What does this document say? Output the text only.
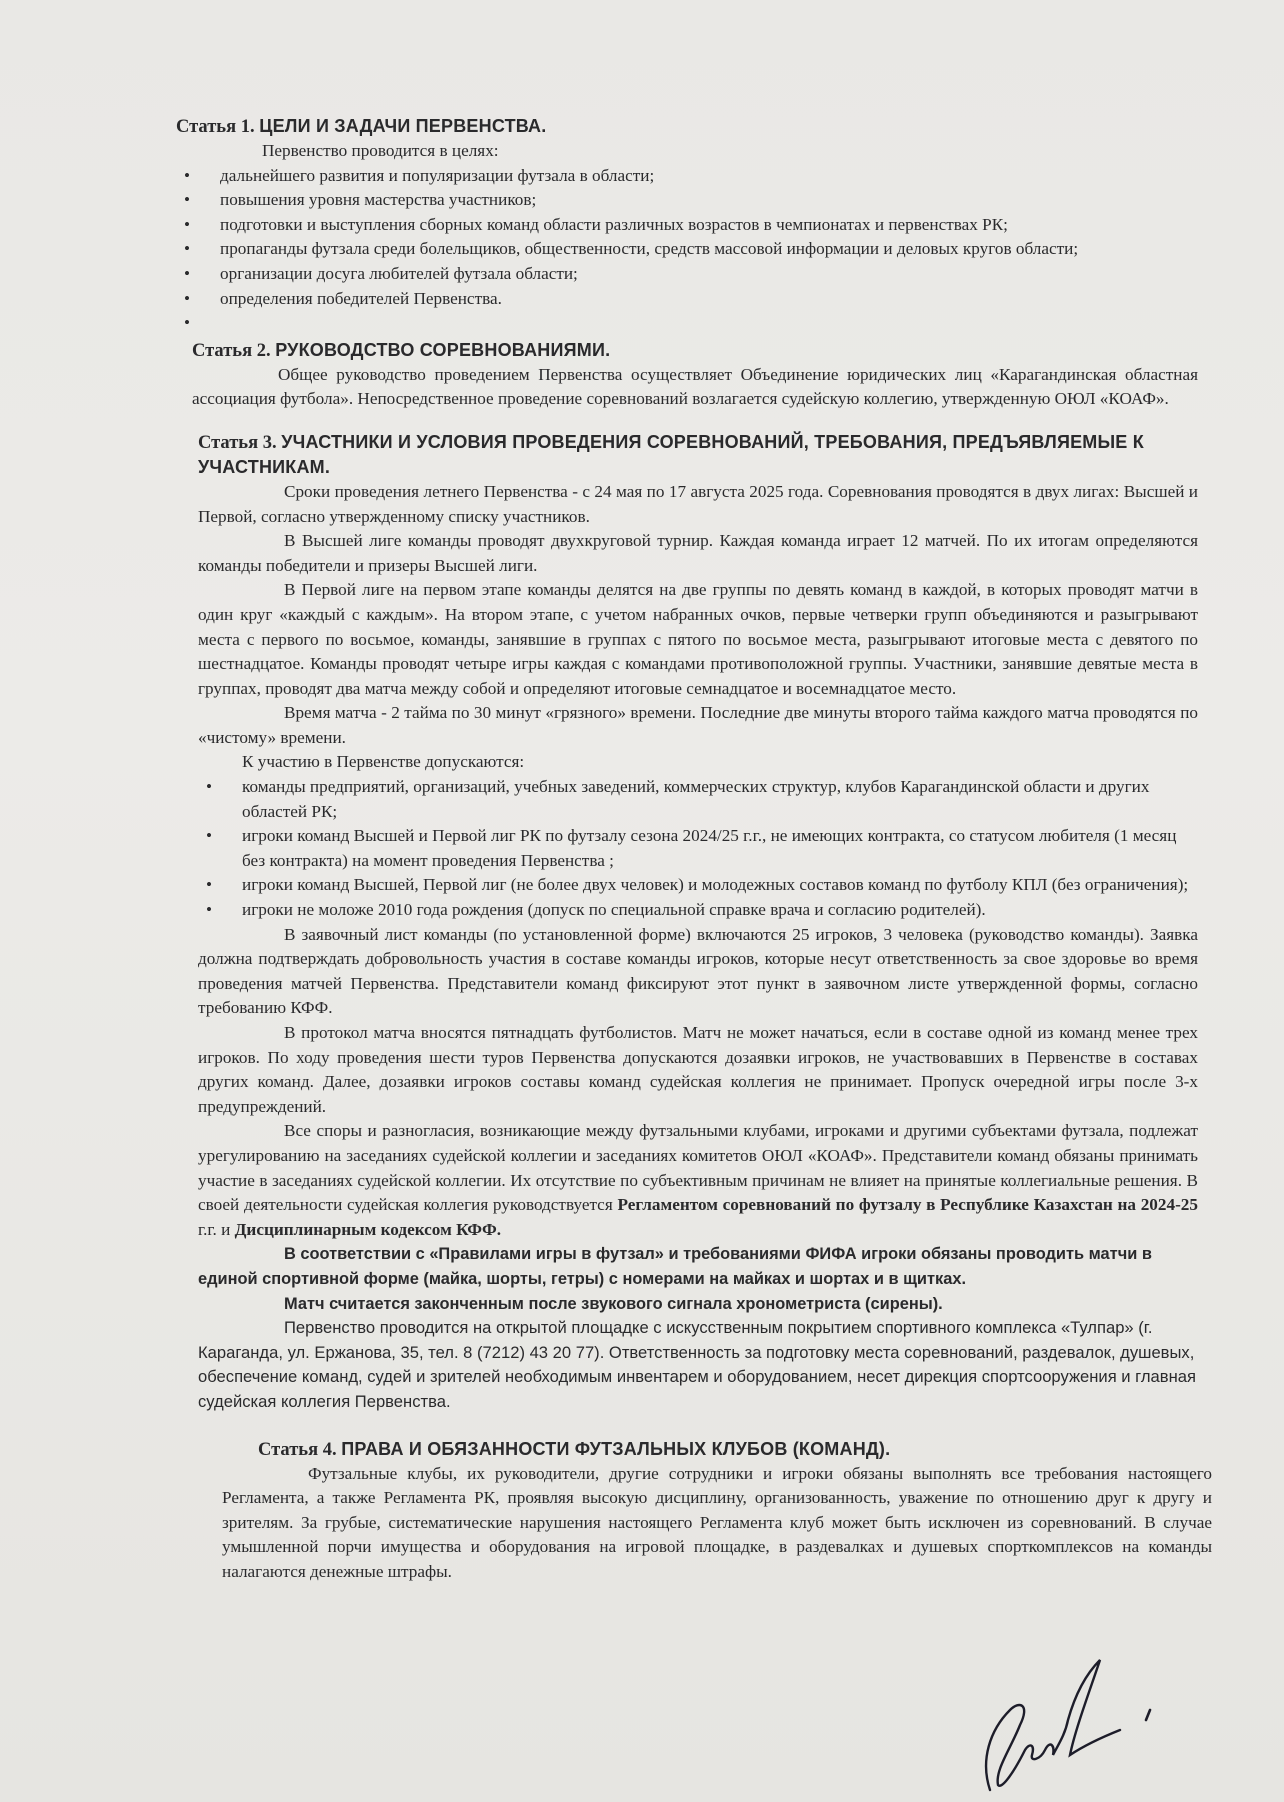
Статья 1. ЦЕЛИ И ЗАДАЧИ ПЕРВЕНСТВА.

Первенство проводится в целях:

• дальнейшего развития и популяризации футзала в области;
• повышения уровня мастерства участников;
• подготовки и выступления сборных команд области различных возрастов в чемпионатах и первенствах РК;
• пропаганды футзала среди болельщиков, общественности, средств массовой информации и деловых кругов области;
• организации досуга любителей футзала области;
• определения победителей Первенства.
•

Статья 2. РУКОВОДСТВО СОРЕВНОВАНИЯМИ.

Общее руководство проведением Первенства осуществляет Объединение юридических лиц «Карагандинская областная ассоциация футбола». Непосредственное проведение соревнований возлагается судейскую коллегию, утвержденную ОЮЛ «КОАФ».

Статья 3. УЧАСТНИКИ И УСЛОВИЯ ПРОВЕДЕНИЯ СОРЕВНОВАНИЙ, ТРЕБОВАНИЯ, ПРЕДЪЯВЛЯЕМЫЕ К УЧАСТНИКАМ.

Сроки проведения летнего Первенства - с 24 мая по 17 августа 2025 года. Соревнования проводятся в двух лигах: Высшей и Первой, согласно утвержденному списку участников.

В Высшей лиге команды проводят двухкруговой турнир. Каждая команда играет 12 матчей. По их итогам определяются команды победители и призеры Высшей лиги.

В Первой лиге на первом этапе команды делятся на две группы по девять команд в каждой, в которых проводят матчи в один круг «каждый с каждым». На втором этапе, с учетом набранных очков, первые четверки групп объединяются и разыгрывают места с первого по восьмое, команды, занявшие в группах с пятого по восьмое места, разыгрывают итоговые места с девятого по шестнадцатое. Команды проводят четыре игры каждая с командами противоположной группы. Участники, занявшие девятые места в группах, проводят два матча между собой и определяют итоговые семнадцатое и восемнадцатое место.

Время матча - 2 тайма по 30 минут «грязного» времени. Последние две минуты второго тайма каждого матча проводятся по «чистому» времени.

К участию в Первенстве допускаются:

• команды предприятий, организаций, учебных заведений, коммерческих структур, клубов Карагандинской области и других областей РК;
• игроки команд Высшей и Первой лиг РК по футзалу сезона 2024/25 г.г., не имеющих контракта, со статусом любителя (1 месяц без контракта) на момент проведения Первенства ;
• игроки команд Высшей, Первой лиг (не более двух человек) и молодежных составов команд по футболу КПЛ (без ограничения);
• игроки не моложе 2010 года рождения (допуск по специальной справке врача и согласию родителей).

В заявочный лист команды (по установленной форме) включаются 25 игроков, 3 человека (руководство команды). Заявка должна подтверждать добровольность участия в составе команды игроков, которые несут ответственность за свое здоровье во время проведения матчей Первенства. Представители команд фиксируют этот пункт в заявочном листе утвержденной формы, согласно требованию КФФ.

В протокол матча вносятся пятнадцать футболистов. Матч не может начаться, если в составе одной из команд менее трех игроков. По ходу проведения шести туров Первенства допускаются дозаявки игроков, не участвовавших в Первенстве в составах других команд. Далее, дозаявки игроков составы команд судейская коллегия не принимает. Пропуск очередной игры после 3-х предупреждений.

Все споры и разногласия, возникающие между футзальными клубами, игроками и другими субъектами футзала, подлежат урегулированию на заседаниях судейской коллегии и заседаниях комитетов ОЮЛ «КОАФ». Представители команд обязаны принимать участие в заседаниях судейской коллегии. Их отсутствие по субъективным причинам не влияет на принятые коллегиальные решения. В своей деятельности судейская коллегия руководствуется Регламентом соревнований по футзалу в Республике Казахстан на 2024-25 г.г. и Дисциплинарным кодексом КФФ.

В соответствии с «Правилами игры в футзал» и требованиями ФИФА игроки обязаны проводить матчи в единой спортивной форме (майка, шорты, гетры) с номерами на майках и шортах и в щитках.

Матч считается законченным после звукового сигнала хронометриста (сирены).

Первенство проводится на открытой площадке с искусственным покрытием спортивного комплекса «Тулпар» (г. Караганда, ул. Ержанова, 35, тел. 8 (7212) 43 20 77). Ответственность за подготовку места соревнований, раздевалок, душевых, обеспечение команд, судей и зрителей необходимым инвентарем и оборудованием, несет дирекция спортсооружения и главная судейская коллегия Первенства.

Статья 4. ПРАВА И ОБЯЗАННОСТИ ФУТЗАЛЬНЫХ КЛУБОВ (КОМАНД).

Футзальные клубы, их руководители, другие сотрудники и игроки обязаны выполнять все требования настоящего Регламента, а также Регламента РК, проявляя высокую дисциплину, организованность, уважение по отношению друг к другу и зрителям. За грубые, систематические нарушения настоящего Регламента клуб может быть исключен из соревнований. В случае умышленной порчи имущества и оборудования на игровой площадке, в раздевалках и душевых спорткомплексов на команды налагаются денежные штрафы.
